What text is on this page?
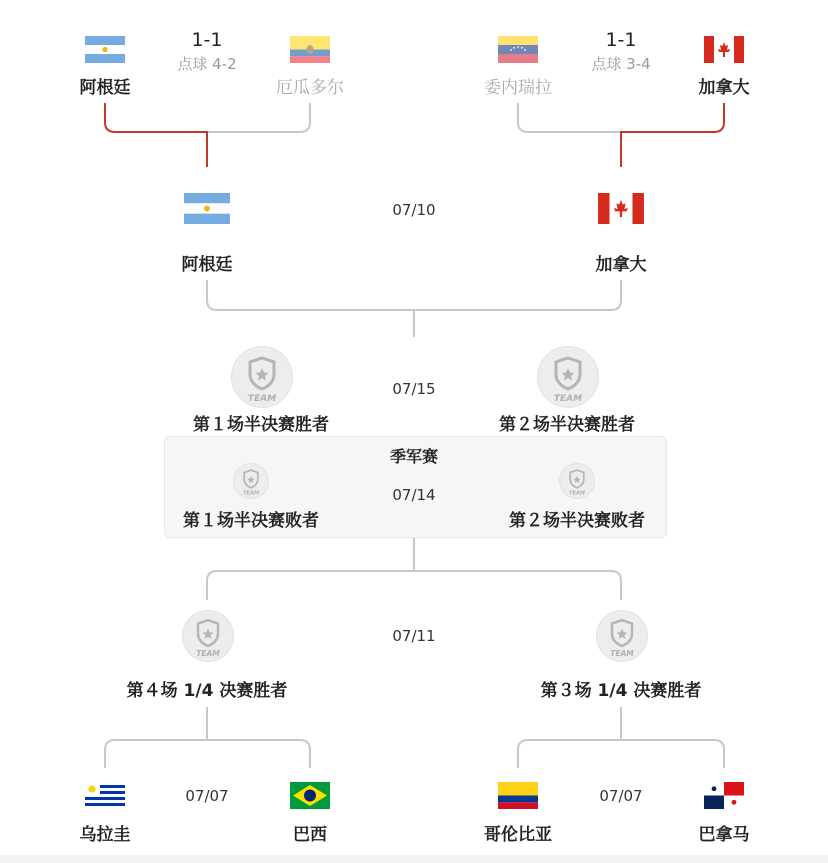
阿根廷
1-1
点球 4-2
厄瓜多尔	委内瑞拉
1-1
点球 3-4
加拿大
阿根廷
07/10
加拿大
TEAM
第１场半决赛胜者
07/15
TEAM
第２场半决赛胜者
季军赛
TEAM
第１场半决赛败者
07/14	TEAM
第２场半决赛败者
TEAM
第４场 1/4 决赛胜者
07/11
TEAM
第３场 1/4 决赛胜者
乌拉圭
07/07
巴西	哥伦比亚
07/07
巴拿马
